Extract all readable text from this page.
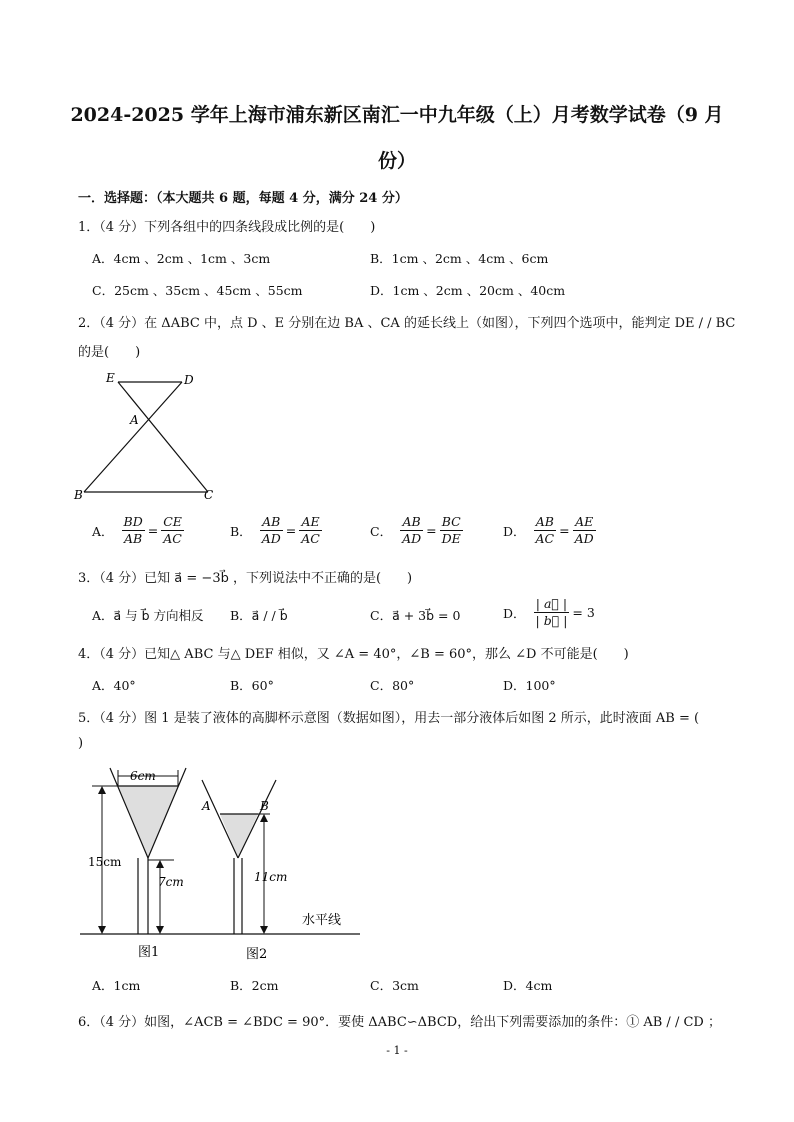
2024-2025 学年上海市浦东新区南汇一中九年级（上）月考数学试卷（9 月
份）
一．选择题：（本大题共 6 题，每题 4 分，满分 24 分）
1．（4 分）下列各组中的四条线段成比例的是(　　)
A．4cm 、2cm 、1cm 、3cm	B．1cm 、2cm 、4cm 、6cm
C．25cm 、35cm 、45cm 、55cm	D．1cm 、2cm 、20cm 、40cm
2．（4 分）在 ΔABC 中，点 D 、E 分别在边 BA 、CA 的延长线上（如图），下列四个选项中，能判定 DE / / BC
的是(　　)
E	D
A
B	C
A． $\frac{BD}{AB} = \frac{CE}{AC}$	B． $\frac{AB}{AD} = \frac{AE}{AC}$	C． $\frac{AB}{AD} = \frac{BC}{DE}$	D． $\frac{AB}{AC} = \frac{AE}{AD}$
3．（4 分）已知 a⃗ = −3b⃗ ，下列说法中不正确的是(　　)
A．a⃗ 与 b⃗ 方向相反 B．a⃗ / / b⃗	C．a⃗ + 3b⃗ = 0	D． $\frac{| a⃗ |}{| b⃗ |} = 3$
4．（4 分）已知△ ABC 与△ DEF 相似，又 ∠A = 40°，∠B = 60°，那么 ∠D 不可能是(　　)
A．40°	B．60°	C．80°	D．100°
5．（4 分）图 1 是装了液体的高脚杯示意图（数据如图），用去一部分液体后如图 2 所示，此时液面 AB = (
)
6cm
15cm
7cm
A	B
11cm
水平线
图1	图2
A．1cm	B．2cm	C．3cm	D．4cm
6．（4 分）如图，∠ACB = ∠BDC = 90°．要使 ΔABC∽ΔBCD，给出下列需要添加的条件：① AB / / CD ；
- 1 -
